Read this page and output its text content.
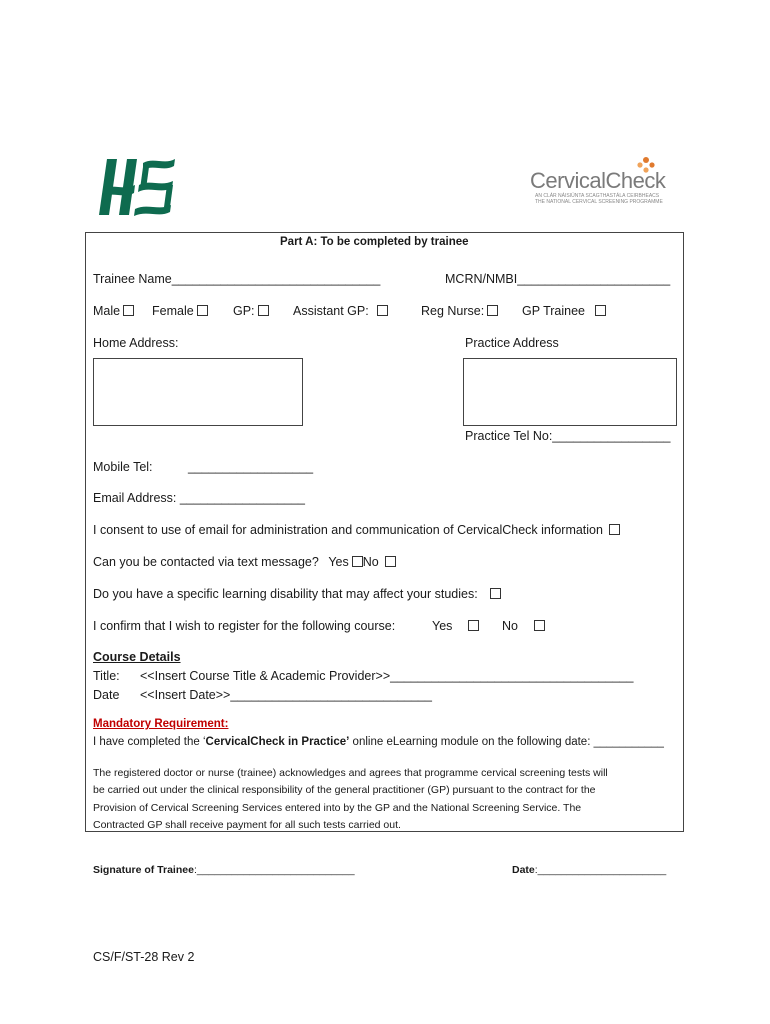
CervicalCheck
AN CLÁR NÁISIÚNTA SCAGTHASTÁLA CEIRBHEACS
THE NATIONAL CERVICAL SCREENING PROGRAMME
Part A: To be completed by trainee
Trainee Name______________________________	MCRN/NMBI______________________
Male	Female	GP:	Assistant GP:	Reg Nurse:	GP Trainee
Home Address:	Practice Address
Practice Tel No:_________________
Mobile Tel:	__________________
Email Address: __________________
I consent to use of email for administration and communication of CervicalCheck information
Can you be contacted via text message? Yes No
Do you have a specific learning disability that may affect your studies:
I confirm that I wish to register for the following course:	Yes	No
Course Details
Title: <<Insert Course Title & Academic Provider>>___________________________________
Date <<Insert Date>>_____________________________
Mandatory Requirement:
I have completed the ‘CervicalCheck in Practice’ online eLearning module on the following date: ___________
The registered doctor or nurse (trainee) acknowledges and agrees that programme cervical screening tests will
be carried out under the clinical responsibility of the general practitioner (GP) pursuant to the contract for the
Provision of Cervical Screening Services entered into by the GP and the National Screening Service. The
Contracted GP shall receive payment for all such tests carried out.
Signature of Trainee:___________________________	Date:______________________
CS/F/ST-28 Rev 2
